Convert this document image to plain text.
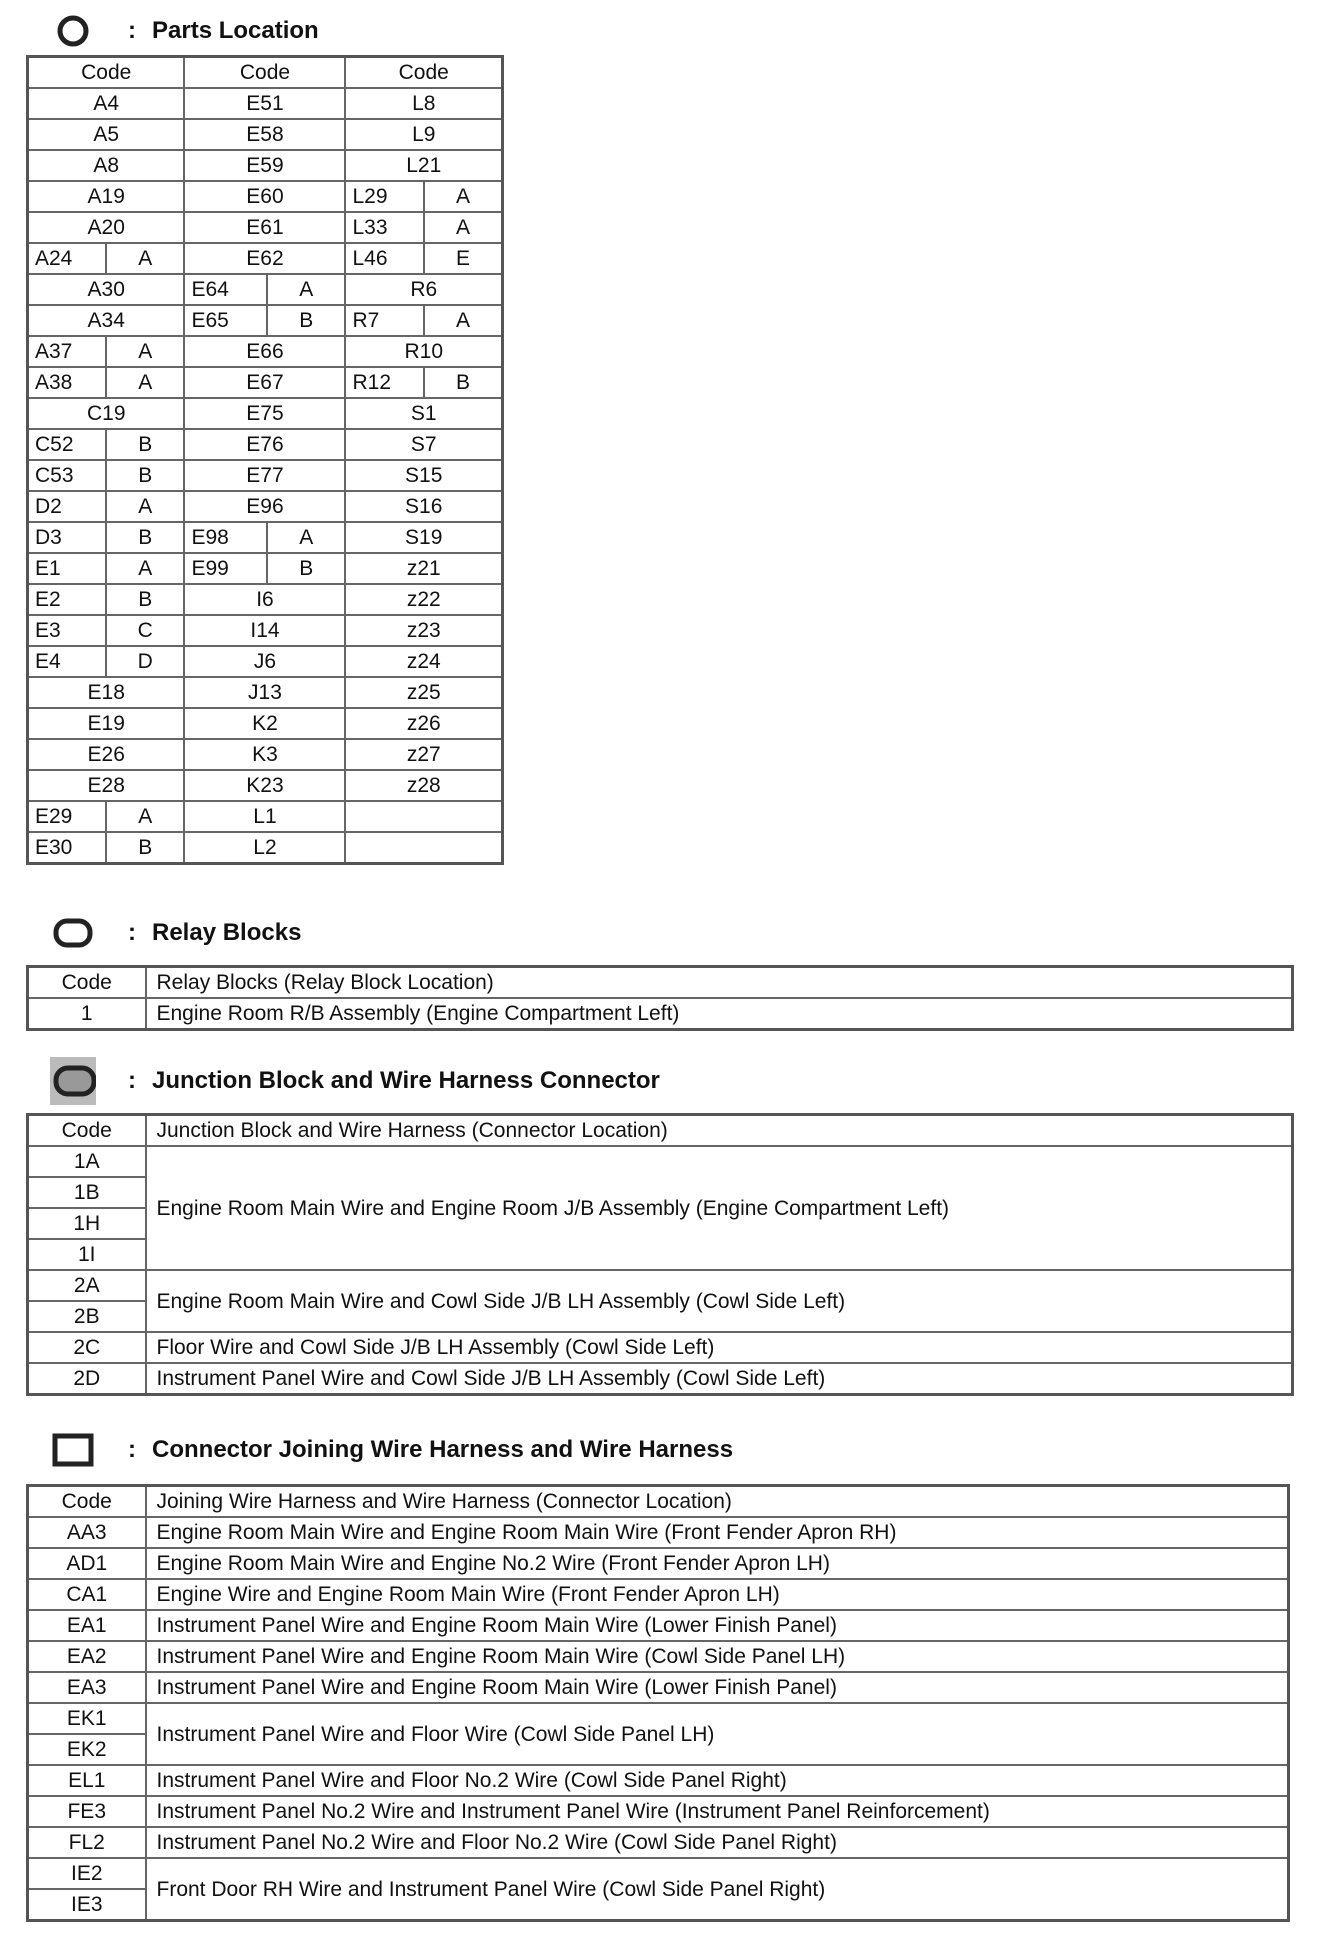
: Parts Location
Code		Code		Code	
A4		E51		L8	
A5		E58		L9	
A8		E59		L21	
A19		E60		L29	A
A20		E61		L33	A
A24	A	E62		L46	E
A30		E64	A	R6	
A34		E65	B	R7	A
A37	A	E66		R10	
A38	A	E67		R12	B
C19		E75		S1	
C52	B	E76		S7	
C53	B	E77		S15	
D2	A	E96		S16	
D3	B	E98	A	S19	
E1	A	E99	B	z21	
E2	B	I6		z22	
E3	C	I14		z23	
E4	D	J6		z24	
E18		J13		z25	
E19		K2		z26	
E26		K3		z27	
E28		K23		z28	
E29	A	L1			
E30	B	L2			
: Relay Blocks
Code	Relay Blocks (Relay Block Location)
1	Engine Room R/B Assembly (Engine Compartment Left)
: Junction Block and Wire Harness Connector
Code	Junction Block and Wire Harness (Connector Location)
1A	Engine Room Main Wire and Engine Room J/B Assembly (Engine Compartment Left)
1B	
1H	
1I	
2A	Engine Room Main Wire and Cowl Side J/B LH Assembly (Cowl Side Left)
2B	
2C	Floor Wire and Cowl Side J/B LH Assembly (Cowl Side Left)
2D	Instrument Panel Wire and Cowl Side J/B LH Assembly (Cowl Side Left)
: Connector Joining Wire Harness and Wire Harness
Code	Joining Wire Harness and Wire Harness (Connector Location)
AA3	Engine Room Main Wire and Engine Room Main Wire (Front Fender Apron RH)
AD1	Engine Room Main Wire and Engine No.2 Wire (Front Fender Apron LH)
CA1	Engine Wire and Engine Room Main Wire (Front Fender Apron LH)
EA1	Instrument Panel Wire and Engine Room Main Wire (Lower Finish Panel)
EA2	Instrument Panel Wire and Engine Room Main Wire (Cowl Side Panel LH)
EA3	Instrument Panel Wire and Engine Room Main Wire (Lower Finish Panel)
EK1	Instrument Panel Wire and Floor Wire (Cowl Side Panel LH)
EK2	
EL1	Instrument Panel Wire and Floor No.2 Wire (Cowl Side Panel Right)
FE3	Instrument Panel No.2 Wire and Instrument Panel Wire (Instrument Panel Reinforcement)
FL2	Instrument Panel No.2 Wire and Floor No.2 Wire (Cowl Side Panel Right)
IE2	Front Door RH Wire and Instrument Panel Wire (Cowl Side Panel Right)
IE3	
